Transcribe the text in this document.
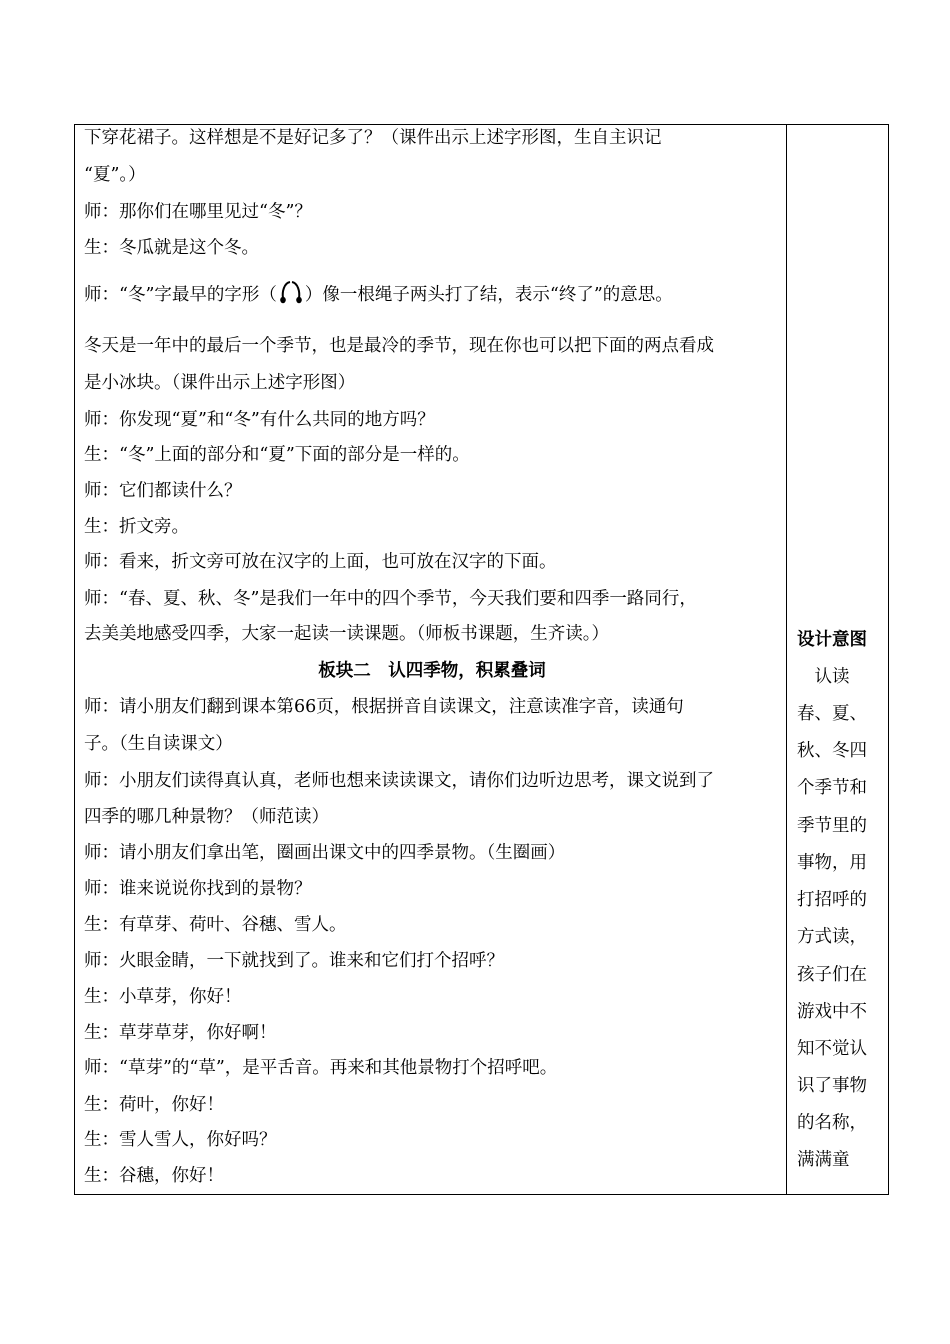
下穿花裙子。这样想是不是好记多了？（课件出示上述字形图，生自主识记
“夏”。）
师：那你们在哪里见过“冬”？
生：冬瓜就是这个冬。
师：“冬”字最早的字形（ ）像一根绳子两头打了结，表示“终了”的意思。
冬天是一年中的最后一个季节，也是最冷的季节，现在你也可以把下面的两点看成
是小冰块。（课件出示上述字形图）
师：你发现“夏”和“冬”有什么共同的地方吗？
生：“冬”上面的部分和“夏”下面的部分是一样的。
师：它们都读什么？
生：折文旁。
师：看来，折文旁可放在汉字的上面，也可放在汉字的下面。
师：“春、夏、秋、冬”是我们一年中的四个季节，今天我们要和四季一路同行，
去美美地感受四季，大家一起读一读课题。（师板书课题，生齐读。）
板块二　认四季物，积累叠词
师：请小朋友们翻到课本第66页，根据拼音自读课文，注意读准字音，读通句
子。（生自读课文）
师：小朋友们读得真认真，老师也想来读读课文，请你们边听边思考，课文说到了
四季的哪几种景物？（师范读）
师：请小朋友们拿出笔，圈画出课文中的四季景物。（生圈画）
师：谁来说说你找到的景物？
生：有草芽、荷叶、谷穗、雪人。
师：火眼金睛，一下就找到了。谁来和它们打个招呼？
生：小草芽，你好！
生：草芽草芽，你好啊！
师：“草芽”的“草”，是平舌音。再来和其他景物打个招呼吧。
生：荷叶，你好！
生：雪人雪人，你好吗？
生：谷穗，你好！
设计意图
　认读
春、夏、
秋、冬四
个季节和
季节里的
事物，用
打招呼的
方式读，
孩子们在
游戏中不
知不觉认
识了事物
的名称，
满满童
